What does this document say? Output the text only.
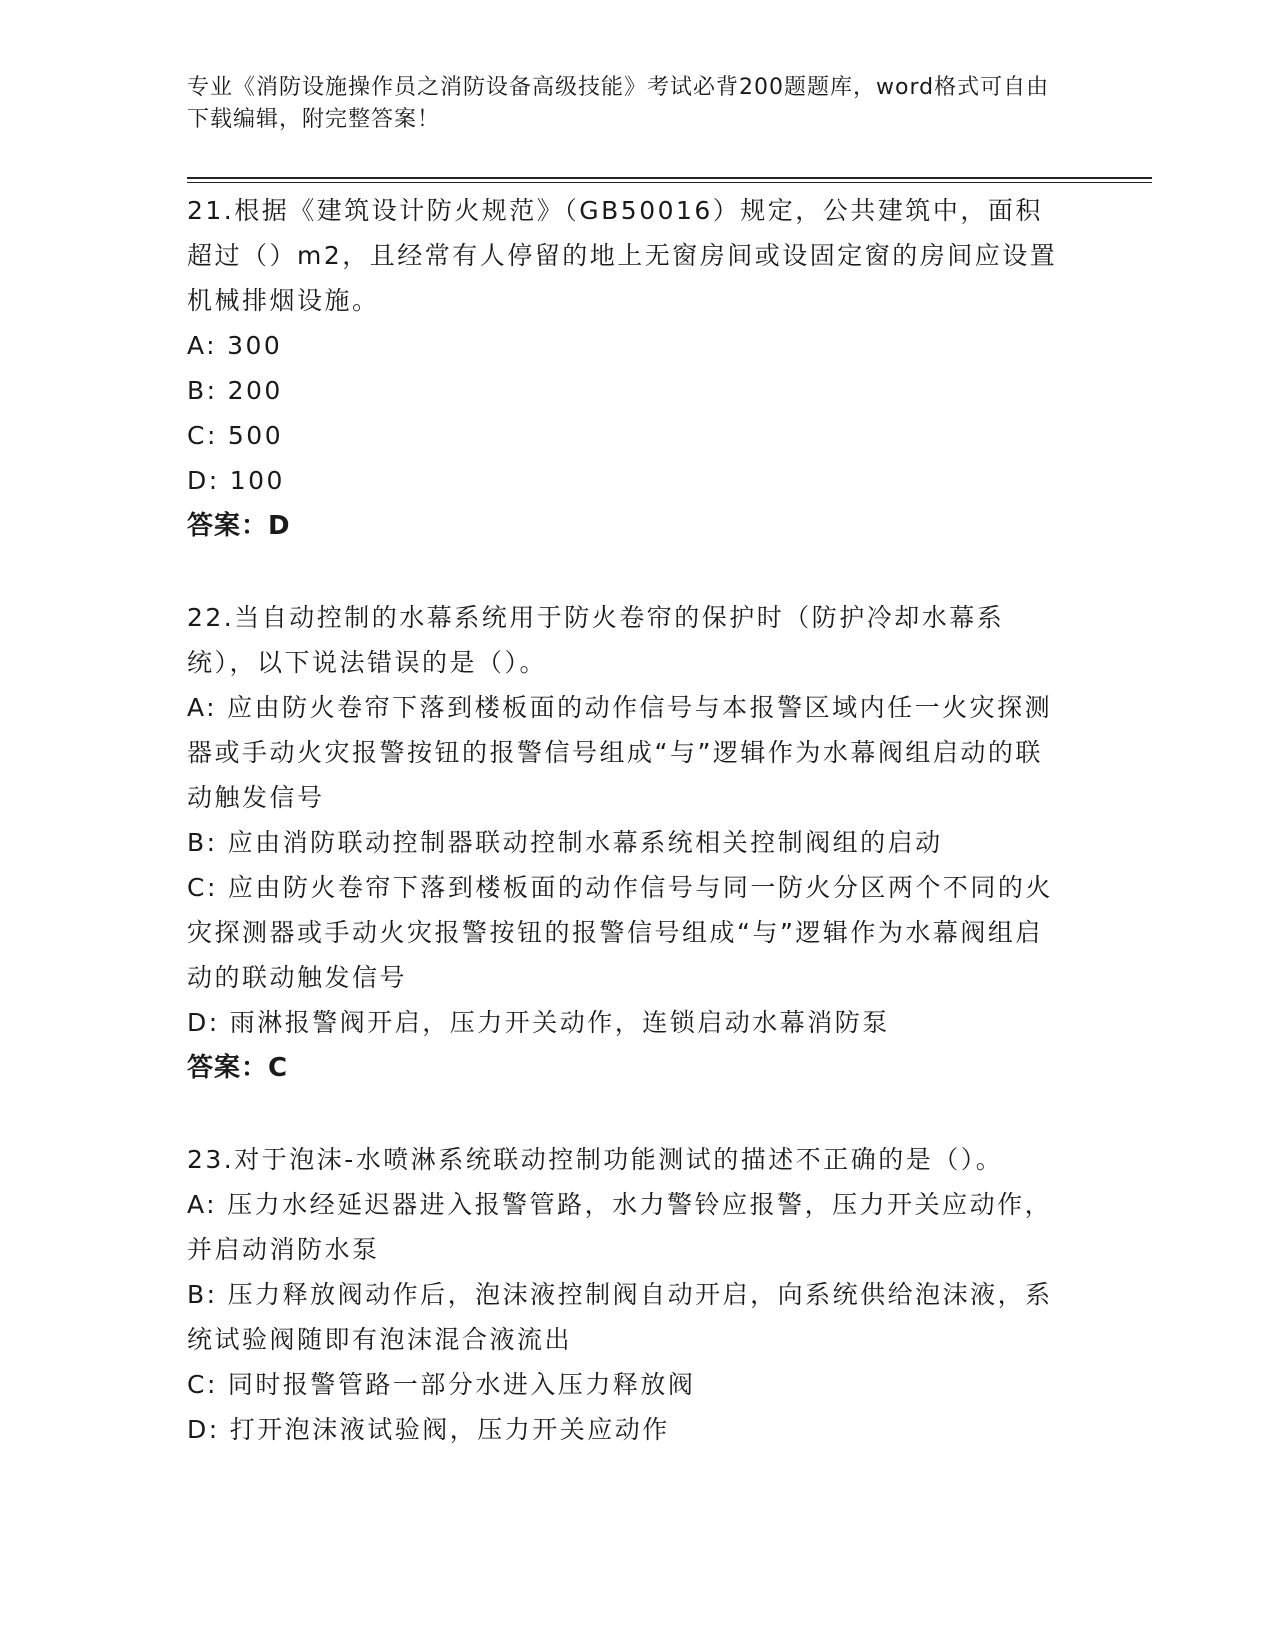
专业《消防设施操作员之消防设备高级技能》考试必背200题题库，word格式可自由下载编辑，附完整答案！
21.根据《建筑设计防火规范》（GB50016）规定，公共建筑中，面积超过（）m2，且经常有人停留的地上无窗房间或设固定窗的房间应设置机械排烟设施。
A: 300
B: 200
C: 500
D: 100
答案：D
22.当自动控制的水幕系统用于防火卷帘的保护时（防护冷却水幕系统），以下说法错误的是（）。
A: 应由防火卷帘下落到楼板面的动作信号与本报警区域内任一火灾探测器或手动火灾报警按钮的报警信号组成“与”逻辑作为水幕阀组启动的联动触发信号
B: 应由消防联动控制器联动控制水幕系统相关控制阀组的启动
C: 应由防火卷帘下落到楼板面的动作信号与同一防火分区两个不同的火灾探测器或手动火灾报警按钮的报警信号组成“与”逻辑作为水幕阀组启动的联动触发信号
D: 雨淋报警阀开启，压力开关动作，连锁启动水幕消防泵
答案：C
23.对于泡沫-水喷淋系统联动控制功能测试的描述不正确的是（）。
A: 压力水经延迟器进入报警管路，水力警铃应报警，压力开关应动作，并启动消防水泵
B: 压力释放阀动作后，泡沫液控制阀自动开启，向系统供给泡沫液，系统试验阀随即有泡沫混合液流出
C: 同时报警管路一部分水进入压力释放阀
D: 打开泡沫液试验阀，压力开关应动作
